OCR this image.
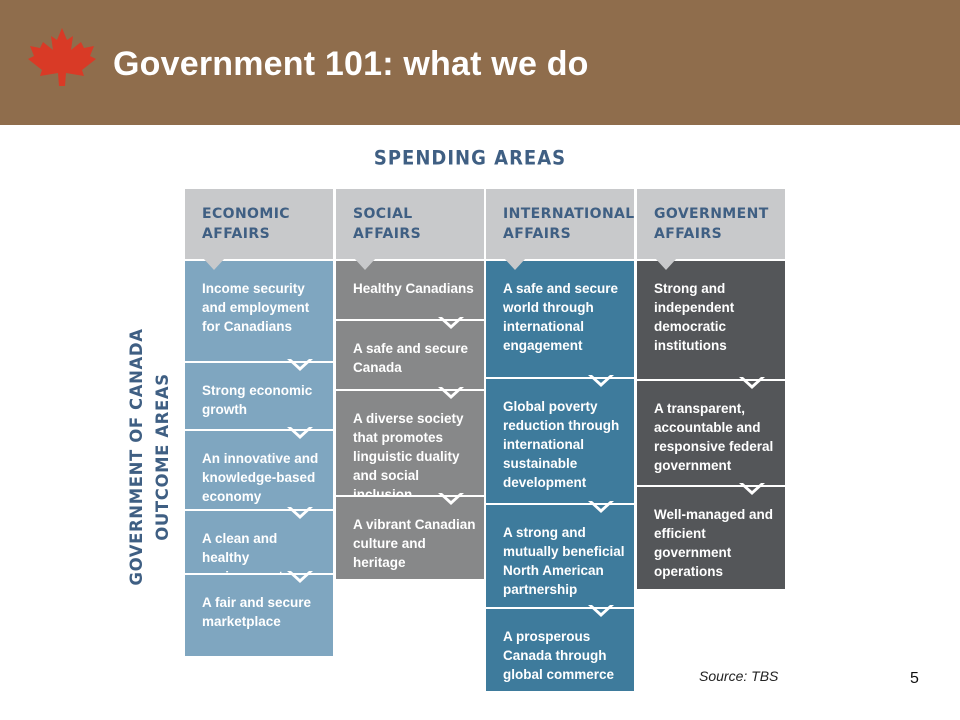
Government 101: what we do
SPENDING AREAS
GOVERNMENT OF CANADA OUTCOME AREAS
ECONOMIC
AFFAIRS
Income security and employment for Canadians
Strong economic growth
An innovative and knowledge-based economy
A clean and healthy
A fair and secure marketplace
SOCIAL
AFFAIRS
Healthy Canadians
A safe and secure Canada
A diverse society that promotes linguistic duality and social
A vibrant Canadian culture and heritage
INTERNATIONAL
AFFAIRS
A safe and secure world through international engagement
Global poverty reduction through international sustainable development
A strong and mutually beneficial North American partnership
A prosperous Canada through global commerce
GOVERNMENT
AFFAIRS
Strong and independent democratic institutions
A transparent, accountable and responsive federal government
Well-managed and efficient government operations
Source: TBS	5
